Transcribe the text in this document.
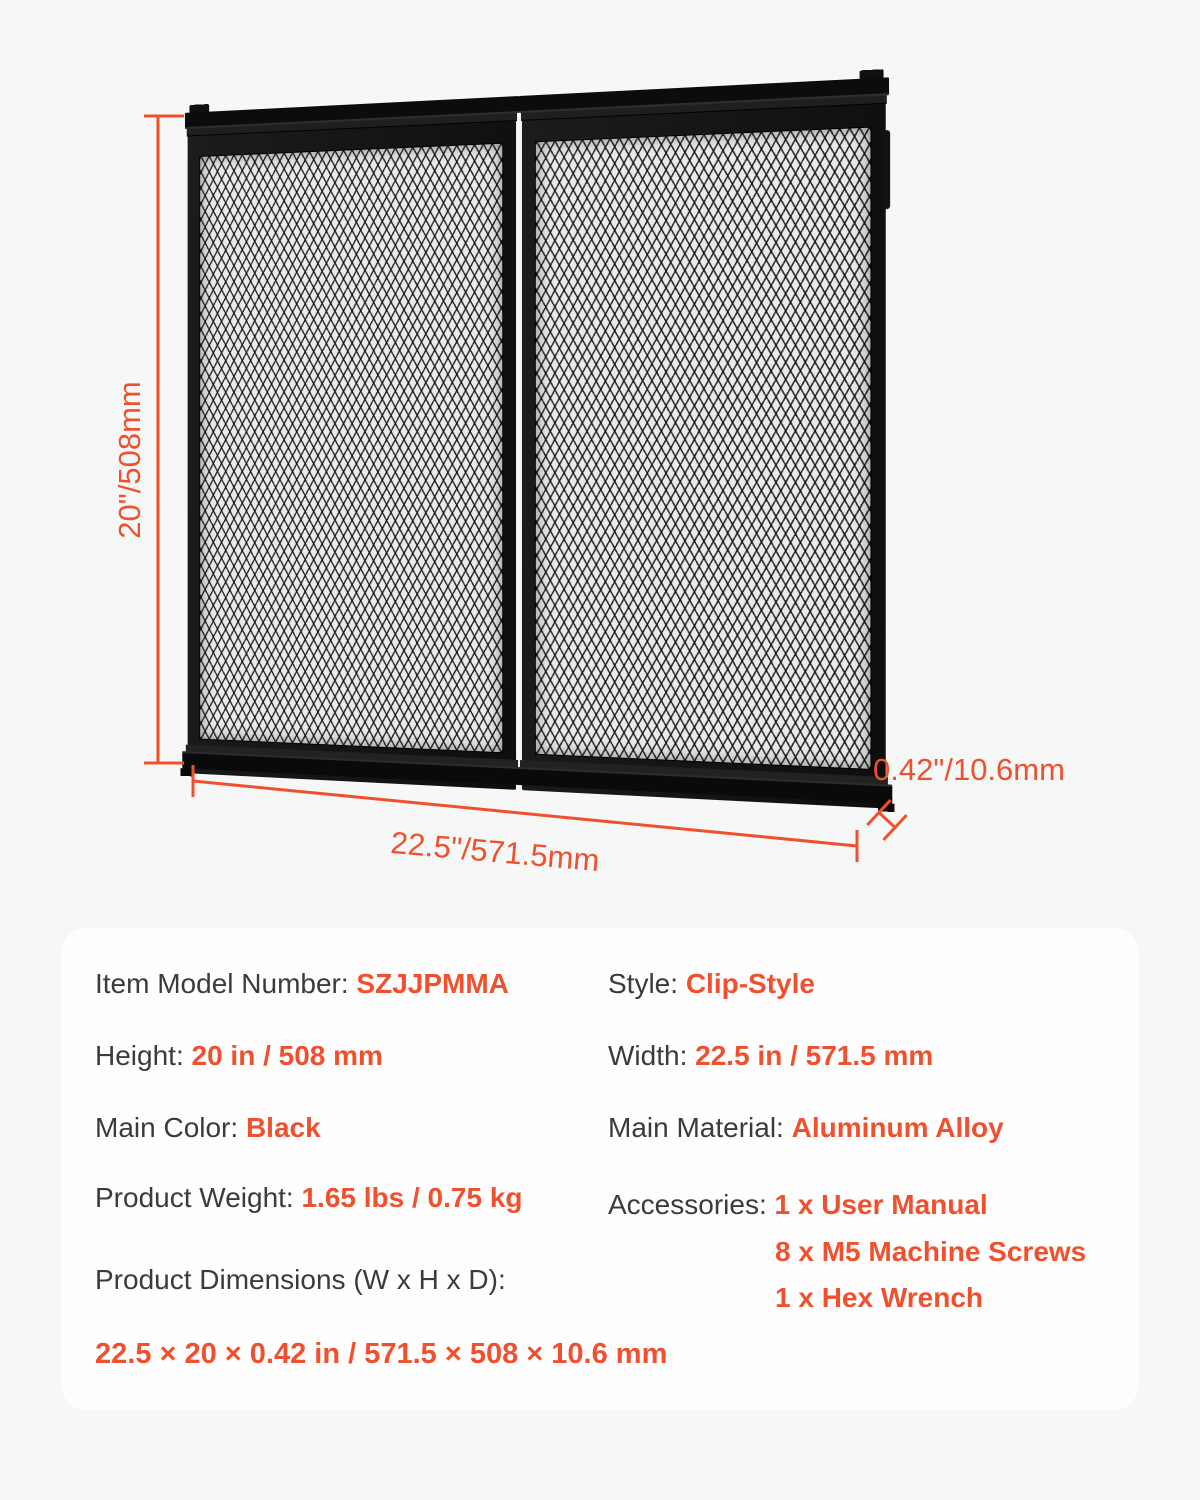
20"/508mm
22.5"/571.5mm
0.42"/10.6mm
Item Model Number: SZJJPMMA
Height: 20 in / 508 mm
Main Color: Black
Product Weight: 1.65 lbs / 0.75 kg
Product Dimensions (W x H x D):
22.5 × 20 × 0.42 in / 571.5 × 508 × 10.6 mm
Style: Clip-Style
Width: 22.5 in / 571.5 mm
Main Material: Aluminum Alloy
Accessories: 1 x User Manual
8 x M5 Machine Screws
1 x Hex Wrench
